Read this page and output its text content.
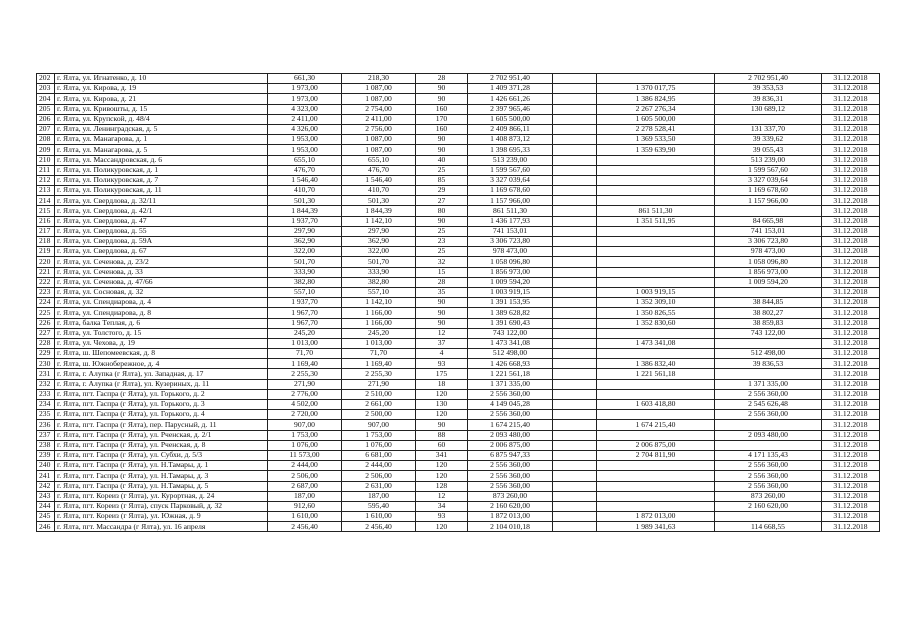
202	г. Ялта, ул. Игнатенко, д. 10	661,30	218,30	28	2 702 951,40			2 702 951,40	31.12.2018
203	г. Ялта, ул. Кирова, д. 19	1 973,00	1 087,00	90	1 409 371,28		1 370 017,75	39 353,53	31.12.2018
204	г. Ялта, ул. Кирова, д. 21	1 973,00	1 087,00	90	1 426 661,26		1 386 824,95	39 836,31	31.12.2018
205	г. Ялта, ул. Кривошты, д. 15	4 323,00	2 754,00	160	2 397 965,46		2 267 276,34	130 689,12	31.12.2018
206	г. Ялта, ул. Крупской, д. 48/4	2 411,00	2 411,00	170	1 605 500,00		1 605 500,00		31.12.2018
207	г. Ялта, ул. Ленинградская, д. 5	4 326,00	2 756,00	160	2 409 866,11		2 278 528,41	131 337,70	31.12.2018
208	г. Ялта, ул. Манагарова, д. 1	1 953,00	1 087,00	90	1 408 873,12		1 369 533,50	39 339,62	31.12.2018
209	г. Ялта, ул. Манагарова, д. 5	1 953,00	1 087,00	90	1 398 695,33		1 359 639,90	39 055,43	31.12.2018
210	г. Ялта, ул. Массандровская, д. 6	655,10	655,10	40	513 239,00			513 239,00	31.12.2018
211	г. Ялта, ул. Поликуровская, д. 1	476,70	476,70	25	1 599 567,60			1 599 567,60	31.12.2018
212	г. Ялта, ул. Поликуровская, д. 7	1 546,40	1 546,40	85	3 327 039,64			3 327 039,64	31.12.2018
213	г. Ялта, ул. Поликуровская, д. 11	410,70	410,70	29	1 169 678,60			1 169 678,60	31.12.2018
214	г. Ялта, ул. Свердлова, д. 32/11	501,30	501,30	27	1 157 966,00			1 157 966,00	31.12.2018
215	г. Ялта, ул. Свердлова, д. 42/1	1 844,39	1 844,39	80	861 511,30		861 511,30		31.12.2018
216	г. Ялта, ул. Свердлова, д. 47	1 937,70	1 142,10	90	1 436 177,93		1 351 511,95	84 665,98	31.12.2018
217	г. Ялта, ул. Свердлова, д. 55	297,90	297,90	25	741 153,01			741 153,01	31.12.2018
218	г. Ялта, ул. Свердлова, д. 59А	362,90	362,90	23	3 306 723,80			3 306 723,80	31.12.2018
219	г. Ялта, ул. Свердлова, д. 67	322,00	322,00	25	978 473,00			978 473,00	31.12.2018
220	г. Ялта, ул. Сеченова, д. 23/2	501,70	501,70	32	1 058 096,80			1 058 096,80	31.12.2018
221	г. Ялта, ул. Сеченова, д. 33	333,90	333,90	15	1 856 973,00			1 856 973,00	31.12.2018
222	г. Ялта, ул. Сеченова, д. 47/66	382,80	382,80	28	1 009 594,20			1 009 594,20	31.12.2018
223	г. Ялта, ул. Сосновая, д. 32	557,10	557,10	35	1 003 919,15		1 003 919,15		31.12.2018
224	г. Ялта, ул. Спендиарова, д. 4	1 937,70	1 142,10	90	1 391 153,95		1 352 309,10	38 844,85	31.12.2018
225	г. Ялта, ул. Спендиарова, д. 8	1 967,70	1 166,00	90	1 389 628,82		1 350 826,55	38 802,27	31.12.2018
226	г. Ялта, балка Теплая, д. 6	1 967,70	1 166,00	90	1 391 690,43		1 352 830,60	38 859,83	31.12.2018
227	г. Ялта, ул. Толстого, д. 15	245,20	245,20	12	743 122,00			743 122,00	31.12.2018
228	г. Ялта, ул. Чехова, д. 19	1 013,00	1 013,00	37	1 473 341,08		1 473 341,08		31.12.2018
229	г. Ялта, ш. Шепомеевская, д. 8	71,70	71,70	4	512 498,00			512 498,00	31.12.2018
230	г. Ялта, ш. Южнобережное, д. 4	1 169,40	1 169,40	93	1 426 668,93		1 386 832,40	39 836,53	31.12.2018
231	г. Ялта, г. Алупка (г Ялта), ул. Западная, д. 17	2 255,30	2 255,30	175	1 221 561,18		1 221 561,18		31.12.2018
232	г. Ялта, г. Алупка (г Ялта), ул. Кузериных, д. 11	271,90	271,90	18	1 371 335,00			1 371 335,00	31.12.2018
233	г. Ялта, пгт. Гаспра (г Ялта), ул. Горького, д. 2	2 776,00	2 510,00	120	2 556 360,00			2 556 360,00	31.12.2018
234	г. Ялта, пгт. Гаспра (г Ялта), ул. Горького, д. 3	4 502,00	2 661,00	130	4 149 045,28		1 603 418,80	2 545 626,48	31.12.2018
235	г. Ялта, пгт. Гаспра (г Ялта), ул. Горького, д. 4	2 720,00	2 500,00	120	2 556 360,00			2 556 360,00	31.12.2018
236	г. Ялта, пгт. Гаспра (г Ялта), пер. Парусный, д. 11	907,00	907,00	90	1 674 215,40		1 674 215,40		31.12.2018
237	г. Ялта, пгт. Гаспра (г Ялта), ул. Рченская, д. 2/1	1 753,00	1 753,00	88	2 093 480,00			2 093 480,00	31.12.2018
238	г. Ялта, пгт. Гаспра (г Ялта), ул. Рченская, д. 8	1 076,00	1 076,00	60	2 006 875,00		2 006 875,00		31.12.2018
239	г. Ялта, пгт. Гаспра (г Ялта), ул. Субхи, д. 5/3	11 573,00	6 681,00	341	6 875 947,33		2 704 811,90	4 171 135,43	31.12.2018
240	г. Ялта, пгт. Гаспра (г Ялта), ул. Н.Тамары, д. 1	2 444,00	2 444,00	120	2 556 360,00			2 556 360,00	31.12.2018
241	г. Ялта, пгт. Гаспра (г Ялта), ул. Н.Тамары, д. 3	2 506,00	2 506,00	120	2 556 360,00			2 556 360,00	31.12.2018
242	г. Ялта, пгт. Гаспра (г Ялта), ул. Н.Тамары, д. 5	2 687,00	2 631,00	128	2 556 360,00			2 556 360,00	31.12.2018
243	г. Ялта, пгт. Кореиз (г Ялта), ул. Курортная, д. 24	187,00	187,00	12	873 260,00			873 260,00	31.12.2018
244	г. Ялта, пгт. Кореиз (г Ялта), спуск Парковый, д. 32	912,60	595,40	34	2 160 620,00			2 160 620,00	31.12.2018
245	г. Ялта, пгт. Кореиз (г Ялта), ул. Южная, д. 9	1 610,00	1 610,00	93	1 872 013,00		1 872 013,00		31.12.2018
246	г. Ялта, пгт. Массандра (г Ялта), ул. 16 апреля	2 456,40	2 456,40	120	2 104 010,18		1 989 341,63	114 668,55	31.12.2018
